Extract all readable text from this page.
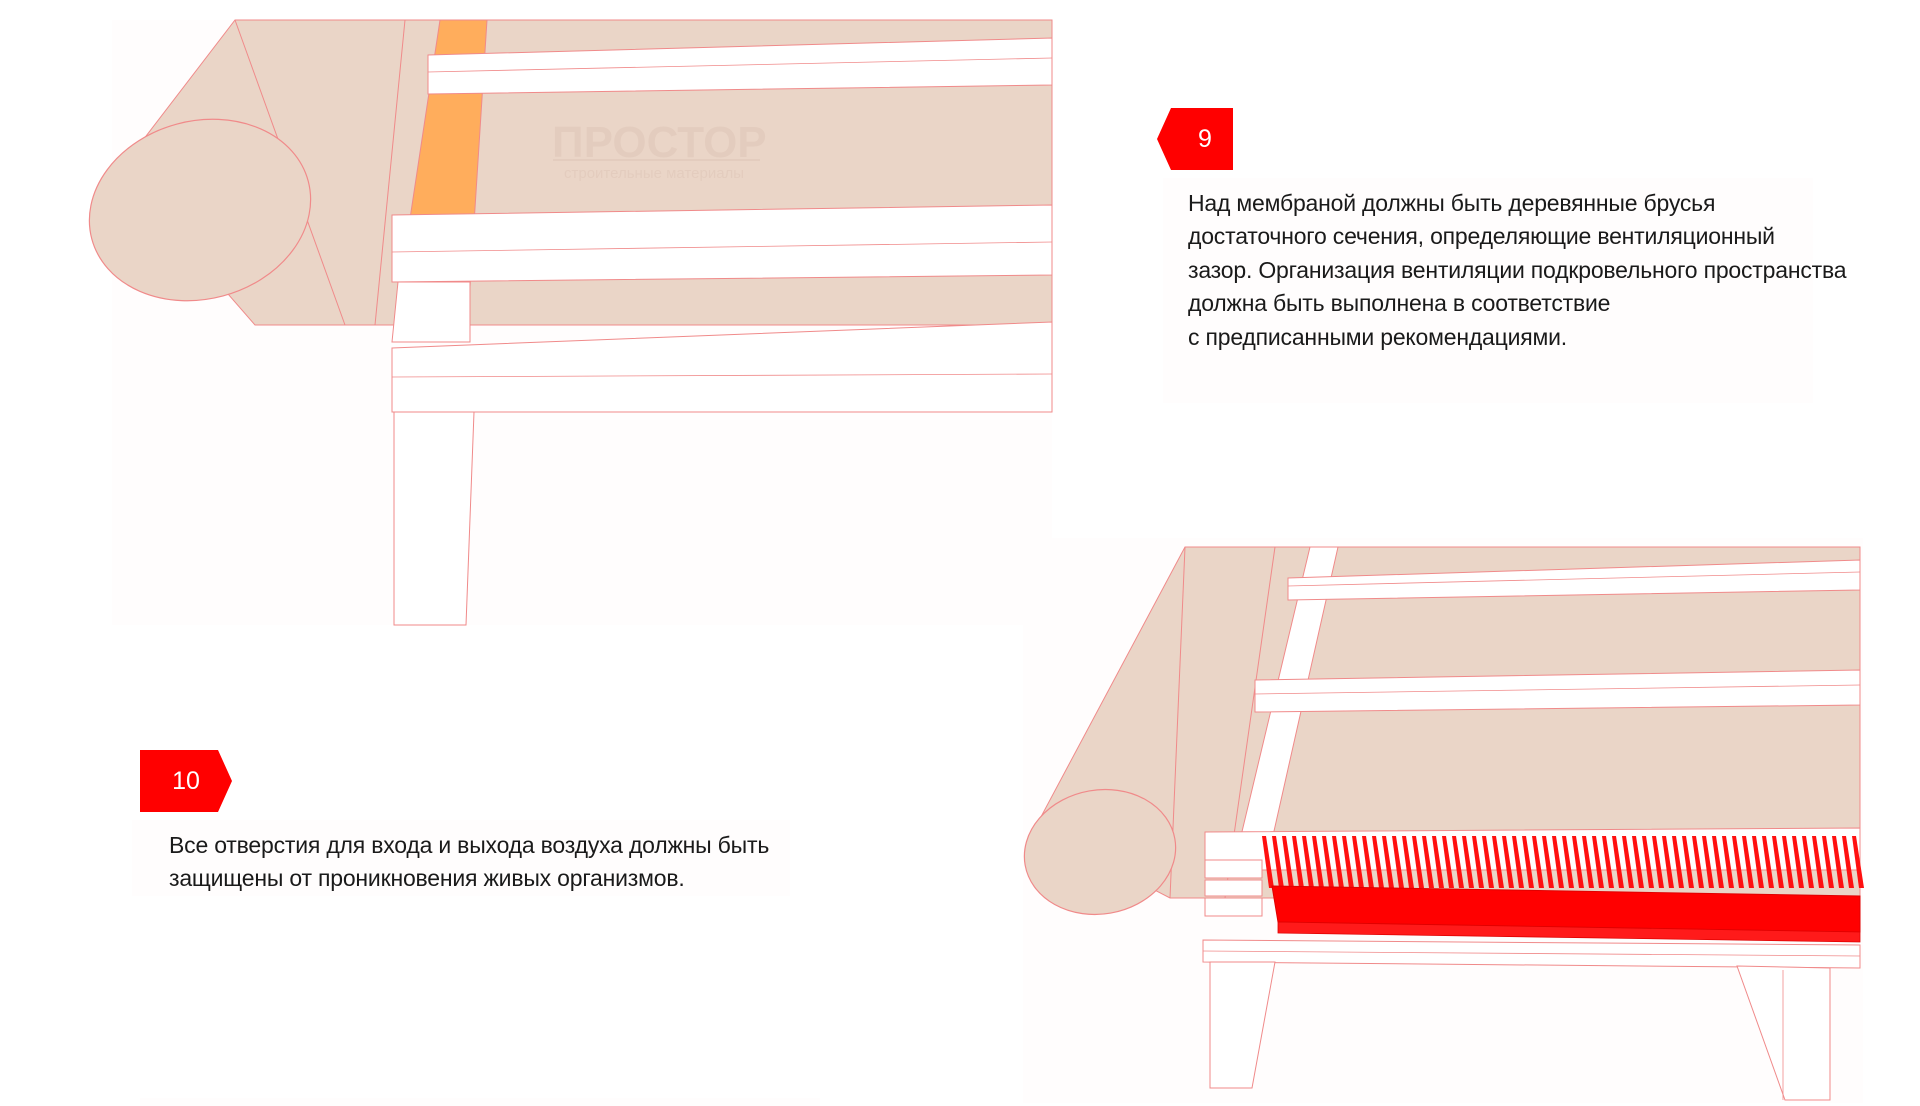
ПРОСТОР
строительные материалы
9

Над мембраной должны быть деревянные брусья
достаточного сечения, определяющие вентиляционный
зазор. Организация вентиляции подкровельного пространства
должна быть выполнена в соответствие
с предписанными рекомендациями.

10

Все отверстия для входа и выхода воздуха должны быть
защищены от проникновения живых организмов.
